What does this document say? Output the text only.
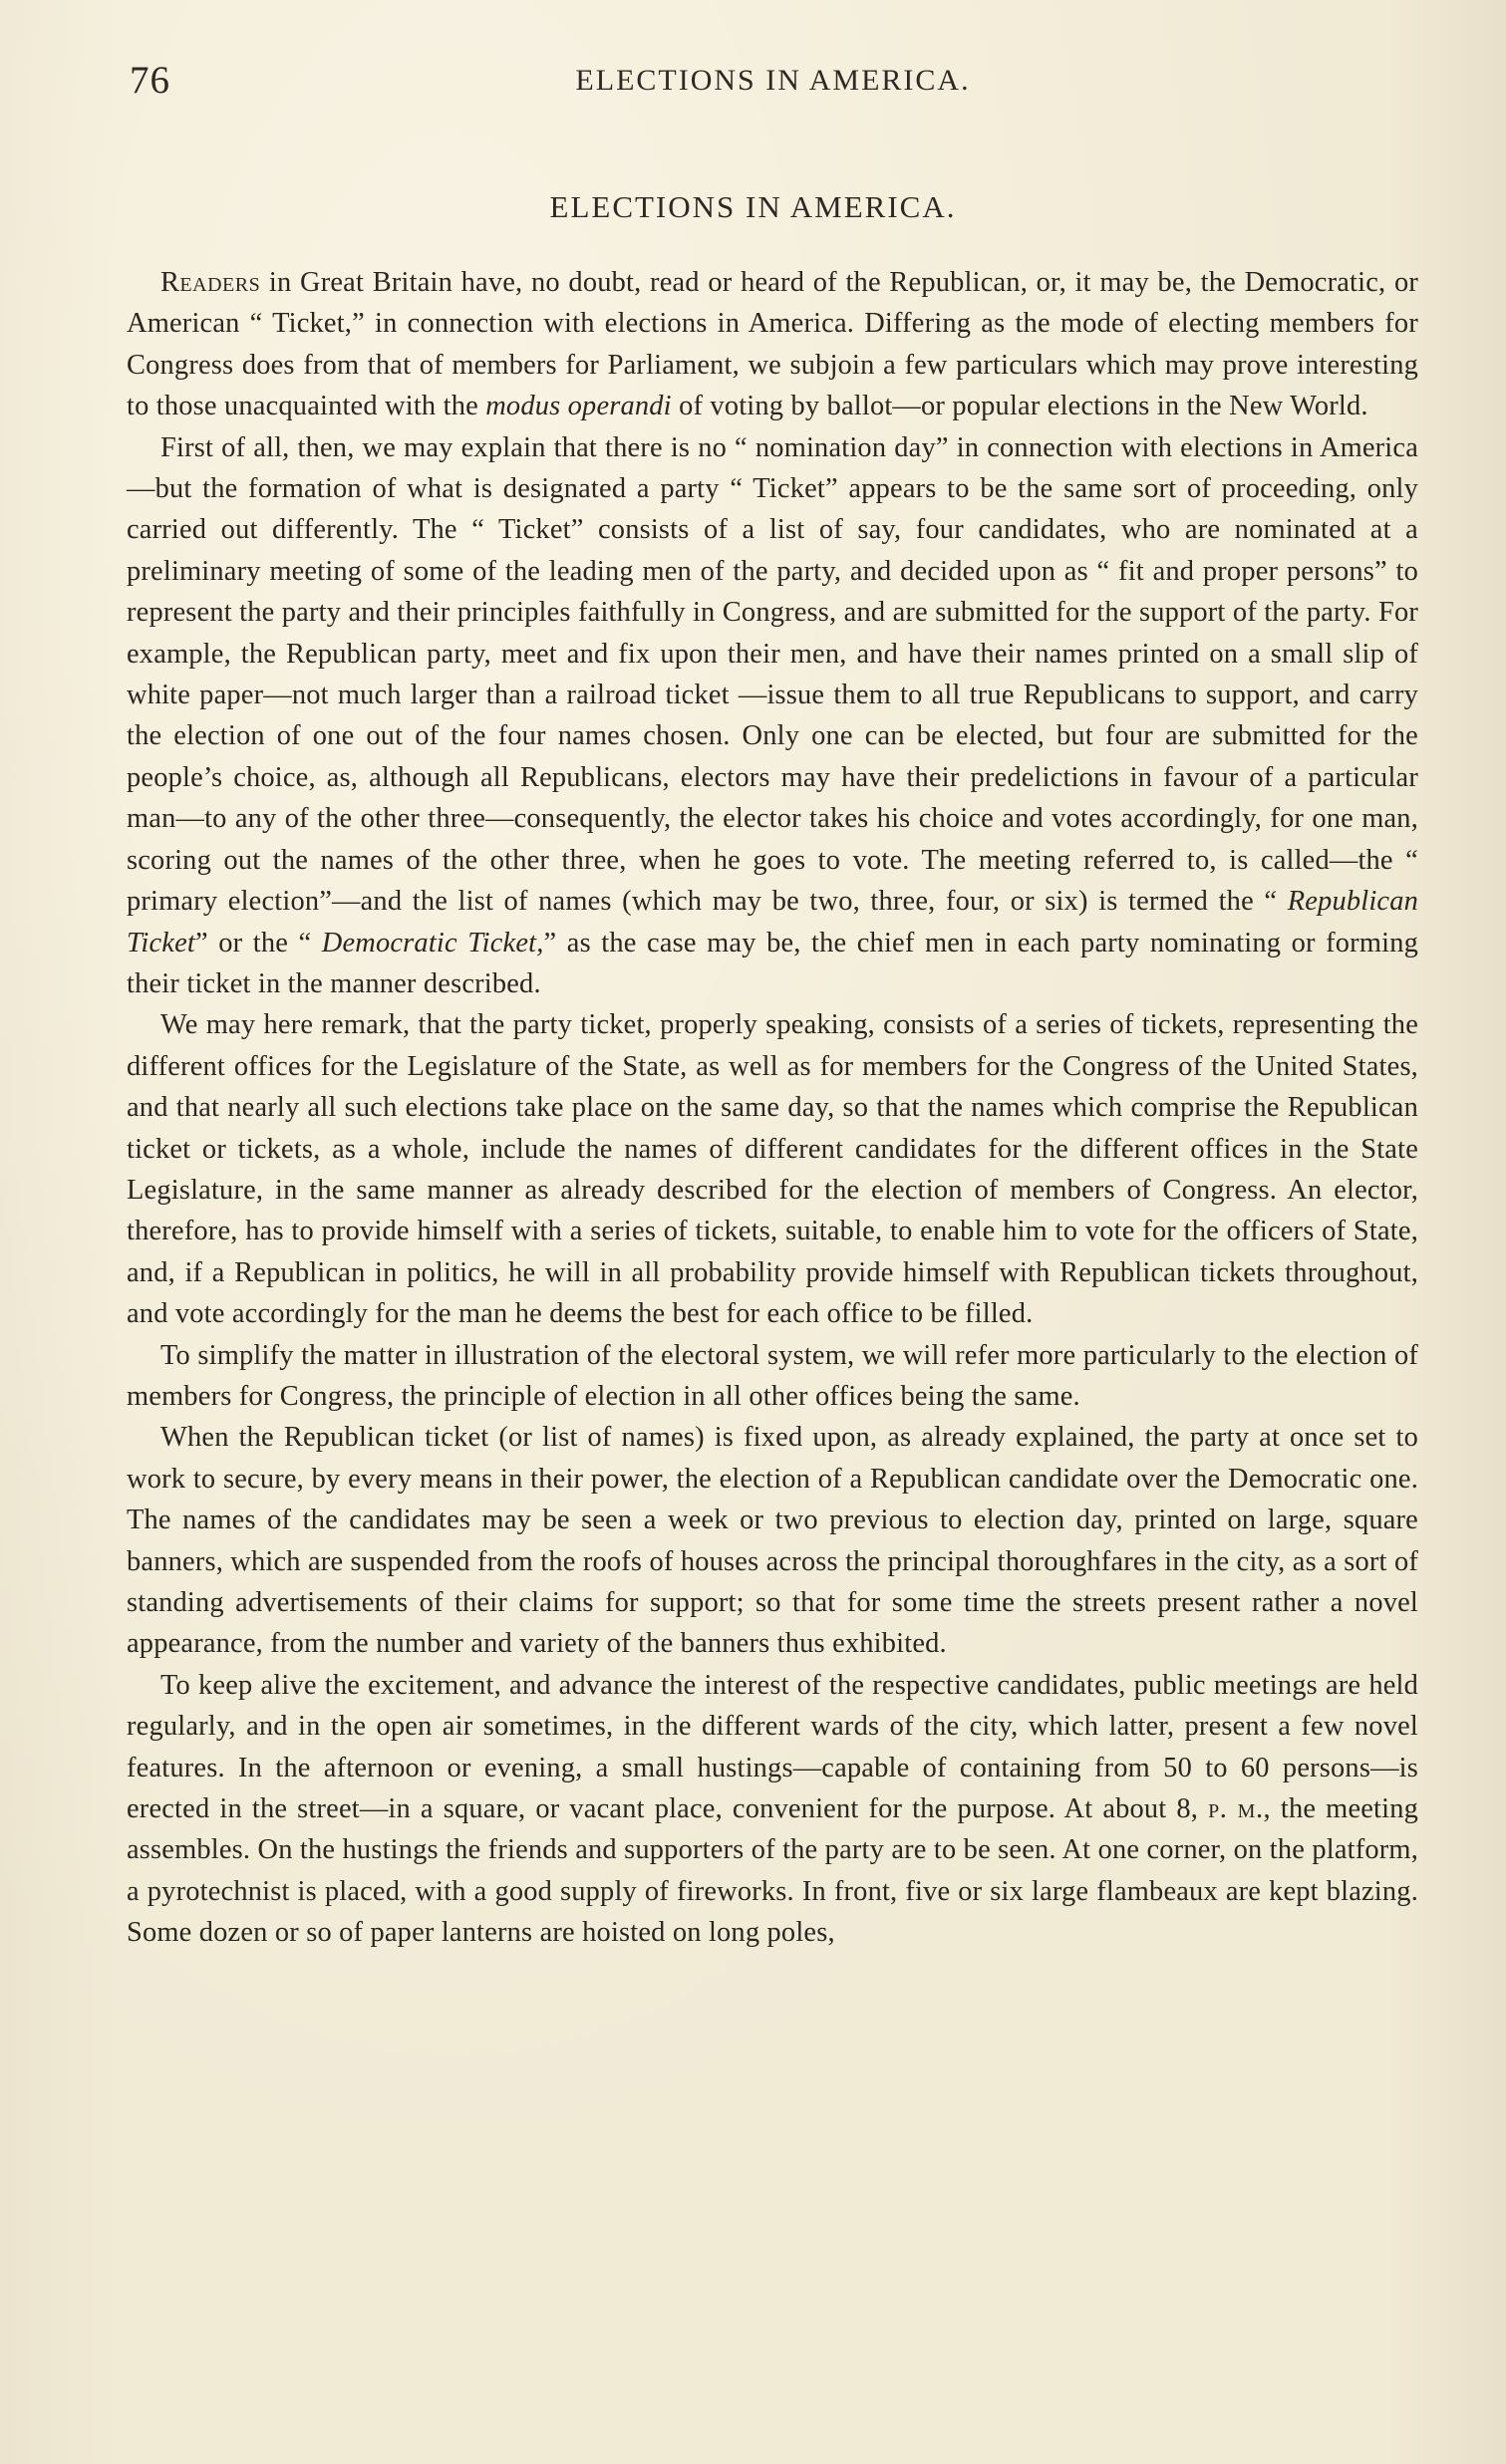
76	ELECTIONS IN AMERICA.
ELECTIONS IN AMERICA.

Readers in Great Britain have, no doubt, read or heard of the Republican, or, it may be, the Democratic, or American “ Ticket,” in connection with elections in America. Differing as the mode of electing members for Congress does from that of members for Parliament, we subjoin a few particulars which may prove interesting to those unacquainted with the modus operandi of voting by ballot—or popular elections in the New World.

First of all, then, we may explain that there is no “ nomination day” in connection with elections in America—but the formation of what is designated a party “ Ticket” appears to be the same sort of proceeding, only carried out differently. The “ Ticket” consists of a list of say, four candidates, who are nominated at a preliminary meeting of some of the leading men of the party, and decided upon as “ fit and proper persons” to represent the party and their principles faithfully in Congress, and are submitted for the support of the party. For example, the Republican party, meet and fix upon their men, and have their names printed on a small slip of white paper—not much larger than a railroad ticket —issue them to all true Republicans to support, and carry the election of one out of the four names chosen. Only one can be elected, but four are submitted for the people’s choice, as, although all Republicans, electors may have their predelictions in favour of a particular man—to any of the other three—consequently, the elector takes his choice and votes accordingly, for one man, scoring out the names of the other three, when he goes to vote. The meeting referred to, is called—the “ primary election”—and the list of names (which may be two, three, four, or six) is termed the “ Republican Ticket” or the “ Democratic Ticket,” as the case may be, the chief men in each party nominating or forming their ticket in the manner described.

We may here remark, that the party ticket, properly speaking, consists of a series of tickets, representing the different offices for the Legislature of the State, as well as for members for the Congress of the United States, and that nearly all such elections take place on the same day, so that the names which comprise the Republican ticket or tickets, as a whole, include the names of different candidates for the different offices in the State Legislature, in the same manner as already described for the election of members of Congress. An elector, therefore, has to provide himself with a series of tickets, suitable, to enable him to vote for the officers of State, and, if a Republican in politics, he will in all probability provide himself with Republican tickets throughout, and vote accordingly for the man he deems the best for each office to be filled.

To simplify the matter in illustration of the electoral system, we will refer more particularly to the election of members for Congress, the principle of election in all other offices being the same.

When the Republican ticket (or list of names) is fixed upon, as already explained, the party at once set to work to secure, by every means in their power, the election of a Republican candidate over the Democratic one. The names of the candidates may be seen a week or two previous to election day, printed on large, square banners, which are suspended from the roofs of houses across the principal thoroughfares in the city, as a sort of standing advertisements of their claims for support; so that for some time the streets present rather a novel appearance, from the number and variety of the banners thus exhibited.

To keep alive the excitement, and advance the interest of the respective candidates, public meetings are held regularly, and in the open air sometimes, in the different wards of the city, which latter, present a few novel features. In the afternoon or evening, a small hustings—capable of containing from 50 to 60 persons—is erected in the street—in a square, or vacant place, convenient for the purpose. At about 8, p. m., the meeting assembles. On the hustings the friends and supporters of the party are to be seen. At one corner, on the platform, a pyrotechnist is placed, with a good supply of fireworks. In front, five or six large flambeaux are kept blazing. Some dozen or so of paper lanterns are hoisted on long poles,
